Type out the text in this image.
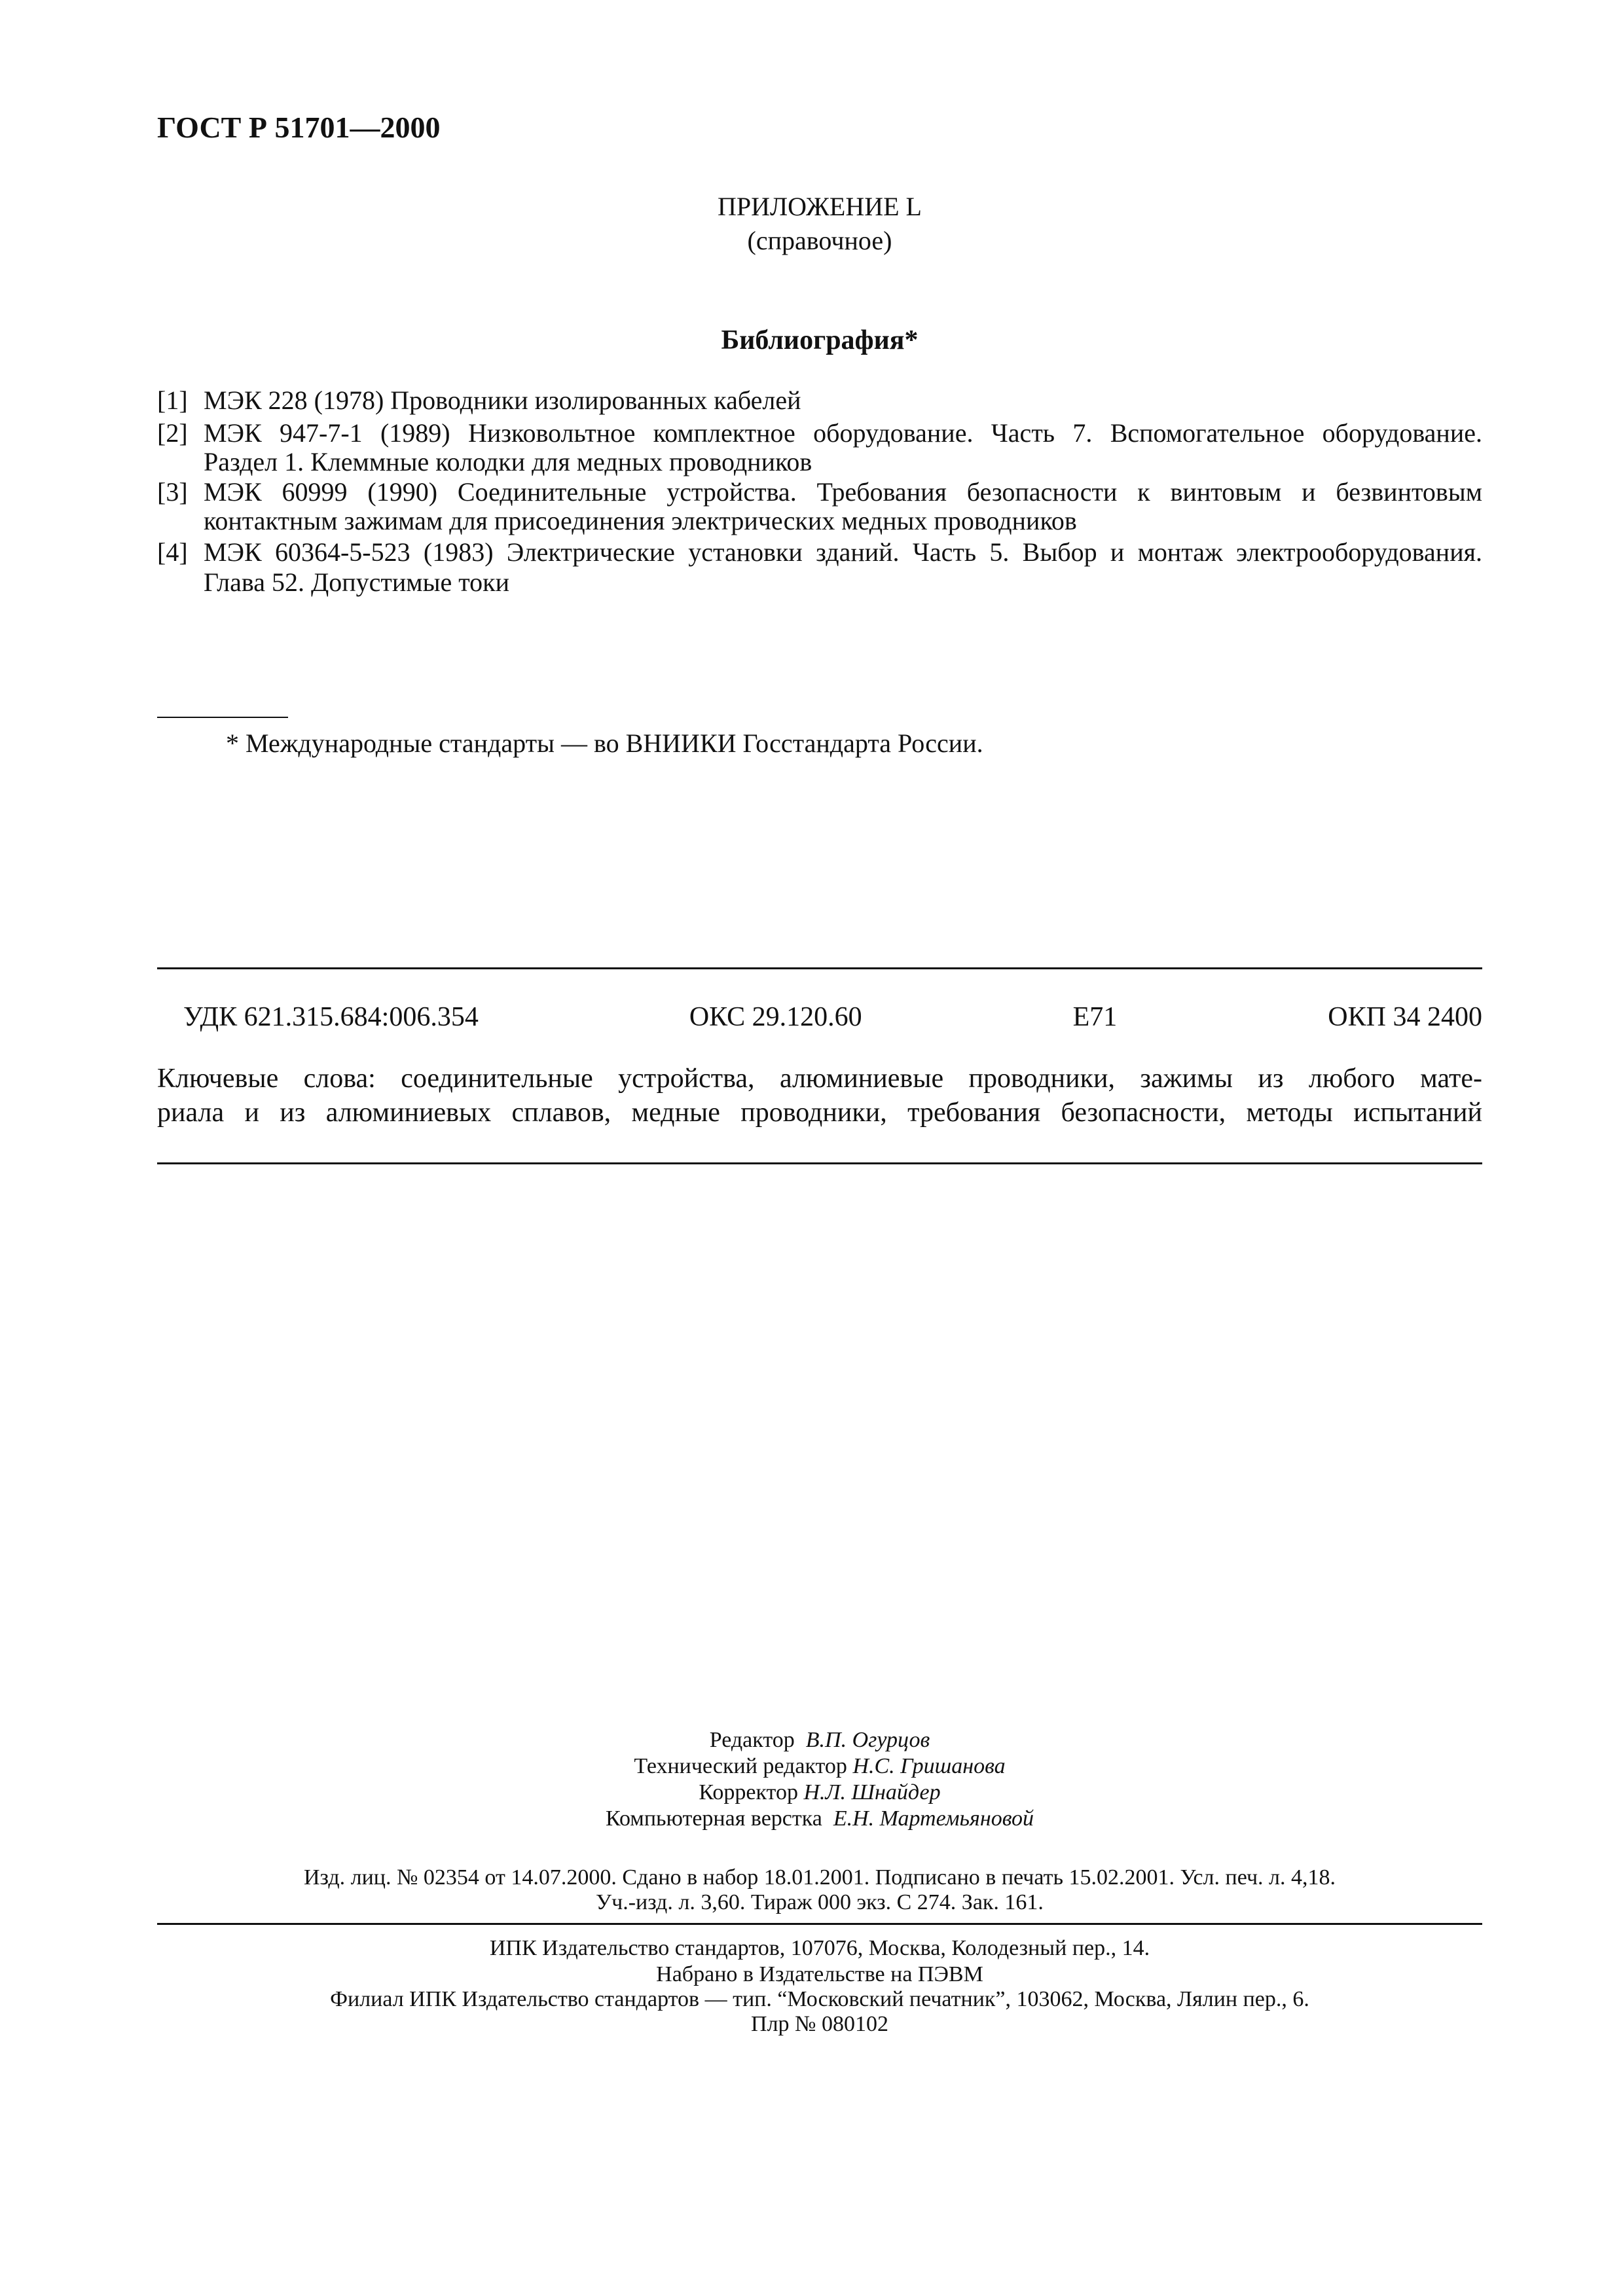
ГОСТ Р 51701—2000
ПРИЛОЖЕНИЕ L
(справочное)
Библиография*
[1] МЭК 228 (1978) Проводники изолированных кабелей
[2] МЭК 947-7-1 (1989) Низковольтное комплектное оборудование. Часть 7. Вспомогательное оборудование.
Раздел 1. Клеммные колодки для медных проводников
[3] МЭК 60999 (1990) Соединительные устройства. Требования безопасности к винтовым и безвинтовым
контактным зажимам для присоединения электрических медных проводников
[4] МЭК 60364-5-523 (1983) Электрические установки зданий. Часть 5. Выбор и монтаж электрооборудования.
Глава 52. Допустимые токи
* Международные стандарты — во ВНИИКИ Госстандарта России.
УДК 621.315.684:006.354	ОКС 29.120.60	Е71	ОКП 34 2400
Ключевые слова: соединительные устройства, алюминиевые проводники, зажимы из любого мате-
риала и из алюминиевых сплавов, медные проводники, требования безопасности, методы испытаний
Редактор В.П. Огурцов
Технический редактор Н.С. Гришанова
Корректор Н.Л. Шнайдер
Компьютерная верстка Е.Н. Мартемьяновой
Изд. лиц. № 02354 от 14.07.2000. Сдано в набор 18.01.2001. Подписано в печать 15.02.2001. Усл. печ. л. 4,18.
Уч.-изд. л. 3,60. Тираж 000 экз. С 274. Зак. 161.
ИПК Издательство стандартов, 107076, Москва, Колодезный пер., 14.
Набрано в Издательстве на ПЭВМ
Филиал ИПК Издательство стандартов — тип. “Московский печатник”, 103062, Москва, Лялин пер., 6.
Плр № 080102
